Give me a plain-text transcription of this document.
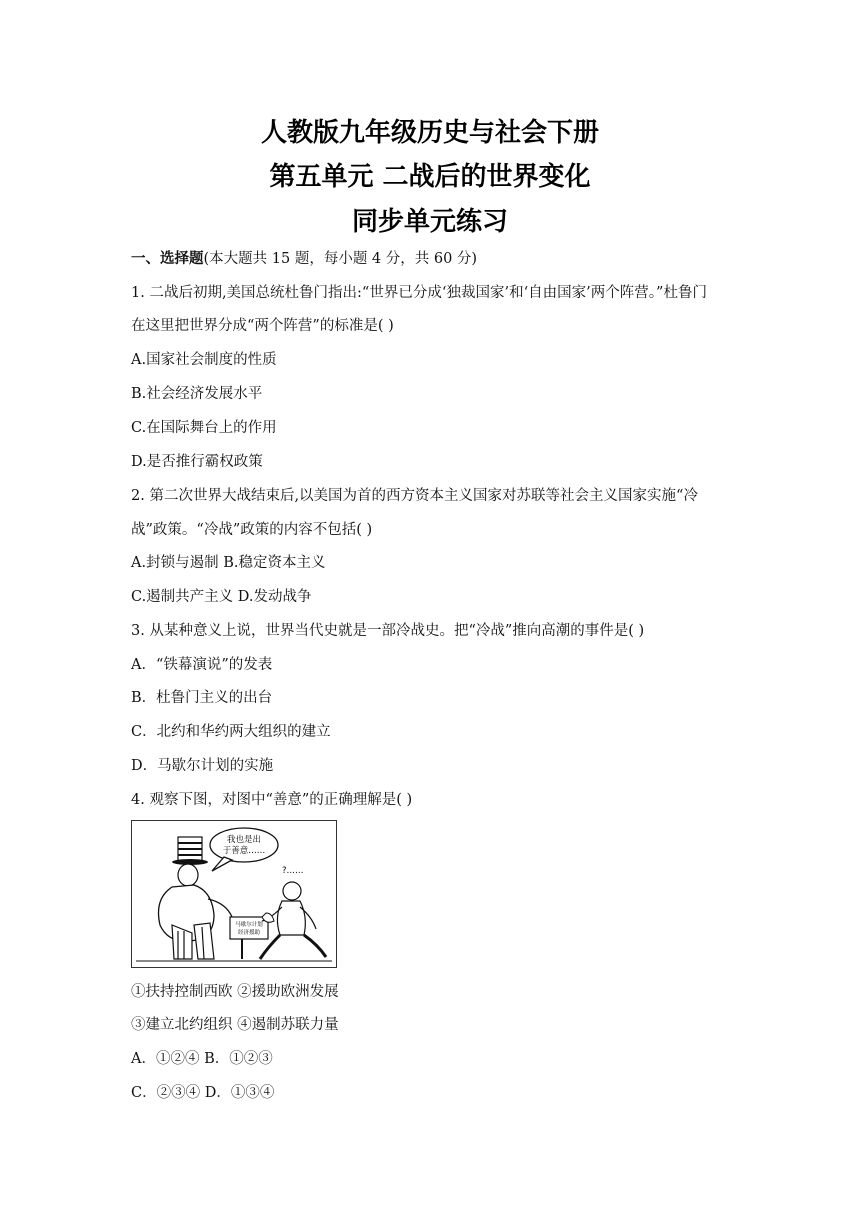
人教版九年级历史与社会下册
第五单元 二战后的世界变化
同步单元练习
一、选择题(本大题共 15 题，每小题 4 分，共 60 分)
1. 二战后初期,美国总统杜鲁门指出:“世界已分成‘独裁国家’和‘自由国家’两个阵营。”杜鲁门
在这里把世界分成“两个阵营”的标准是( )
A.国家社会制度的性质
B.社会经济发展水平
C.在国际舞台上的作用
D.是否推行霸权政策
2. 第二次世界大战结束后,以美国为首的西方资本主义国家对苏联等社会主义国家实施“冷
战”政策。“冷战”政策的内容不包括( )
A.封锁与遏制 B.稳定资本主义
C.遏制共产主义 D.发动战争
3. 从某种意义上说，世界当代史就是一部冷战史。把“冷战”推向高潮的事件是( )
A．“铁幕演说”的发表
B．杜鲁门主义的出台
C．北约和华约两大组织的建立
D．马歇尔计划的实施
4. 观察下图，对图中“善意”的正确理解是( )
我也是出
于善意……
?……
马歇尔计划
经济援助
①扶持控制西欧 ②援助欧洲发展
③建立北约组织 ④遏制苏联力量
A．①②④ B．①②③
C．②③④ D．①③④
